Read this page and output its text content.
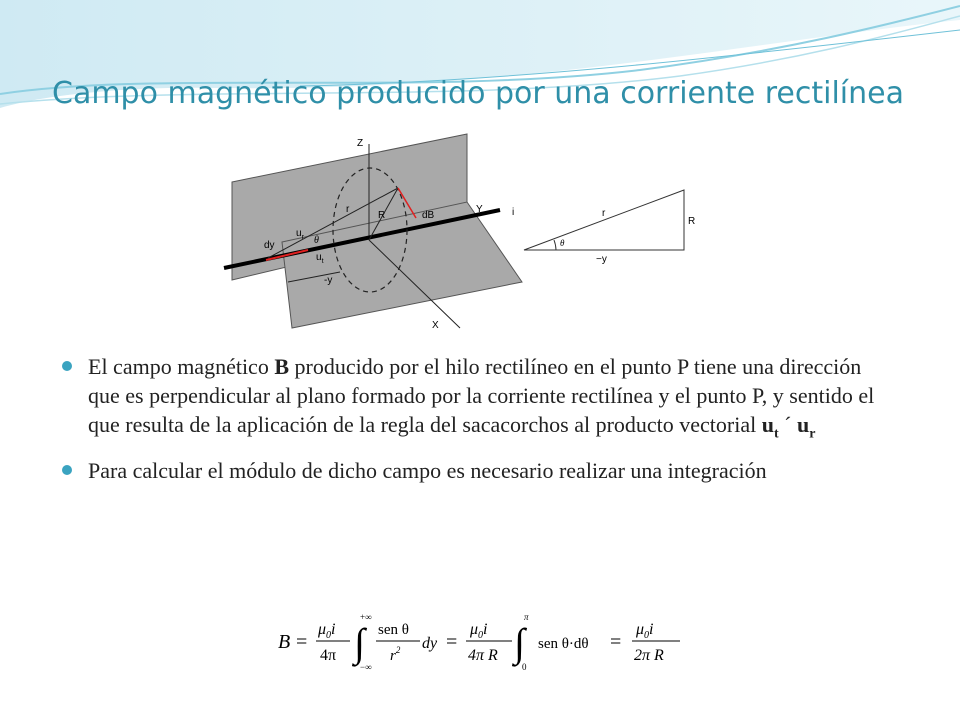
Campo magnético producido por una corriente rectilínea
Z
Y	i
X
r
R	dB
$u_r$
$u_t$
dy	θ
-y
r
R
θ
−y
El campo magnético B producido por el hilo rectilíneo en el punto P tiene una dirección que es perpendicular al plano formado por la corriente rectilínea y el punto P, y sentido el que resulta de la aplicación de la regla del sacacorchos al producto vectorial $u_t$ ´ $u_r$
Para calcular el módulo de dicho campo es necesario realizar una integración
B =
$\mu_0i$
4π ∫
+∞
−∞
sen θ
$r^2$ dy =
$\mu_0i$
4π R ∫
π
0
sen θ·dθ =
$\mu_0i$
2π R
